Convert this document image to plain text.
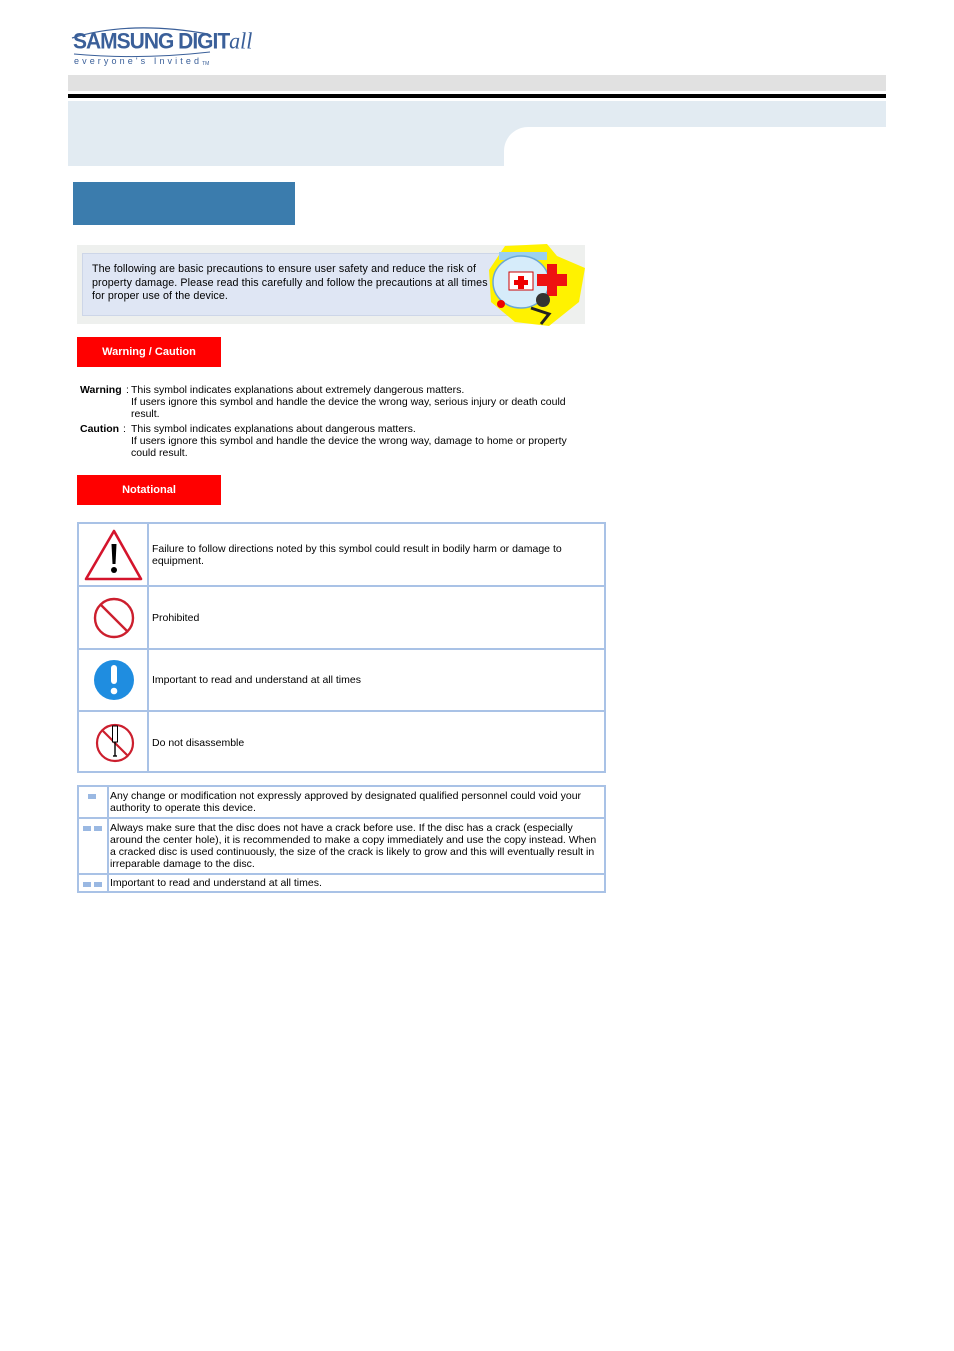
SAMSUNG DIGITall
everyone's InvitedTM
The following are basic precautions to ensure user safety and reduce the risk of property damage. Please read this carefully and follow the precautions at all times for proper use of the device.
Warning / Caution
Warning : This symbol indicates explanations about extremely dangerous matters.
If users ignore this symbol and handle the device the wrong way, serious injury or death could result.
Caution : This symbol indicates explanations about dangerous matters.
If users ignore this symbol and handle the device the wrong way, damage to home or property could result.
Notational
Failure to follow directions noted by this symbol could result in bodily harm or damage to equipment.
Prohibited
Important to read and understand at all times
Do not disassemble
Any change or modification not expressly approved by designated qualified personnel could void your authority to operate this device.
Always make sure that the disc does not have a crack before use. If the disc has a crack (especially around the center hole), it is recommended to make a copy immediately and use the copy instead. When a cracked disc is used continuously, the size of the crack is likely to grow and this will eventually result in irreparable damage to the disc.
Important to read and understand at all times.
